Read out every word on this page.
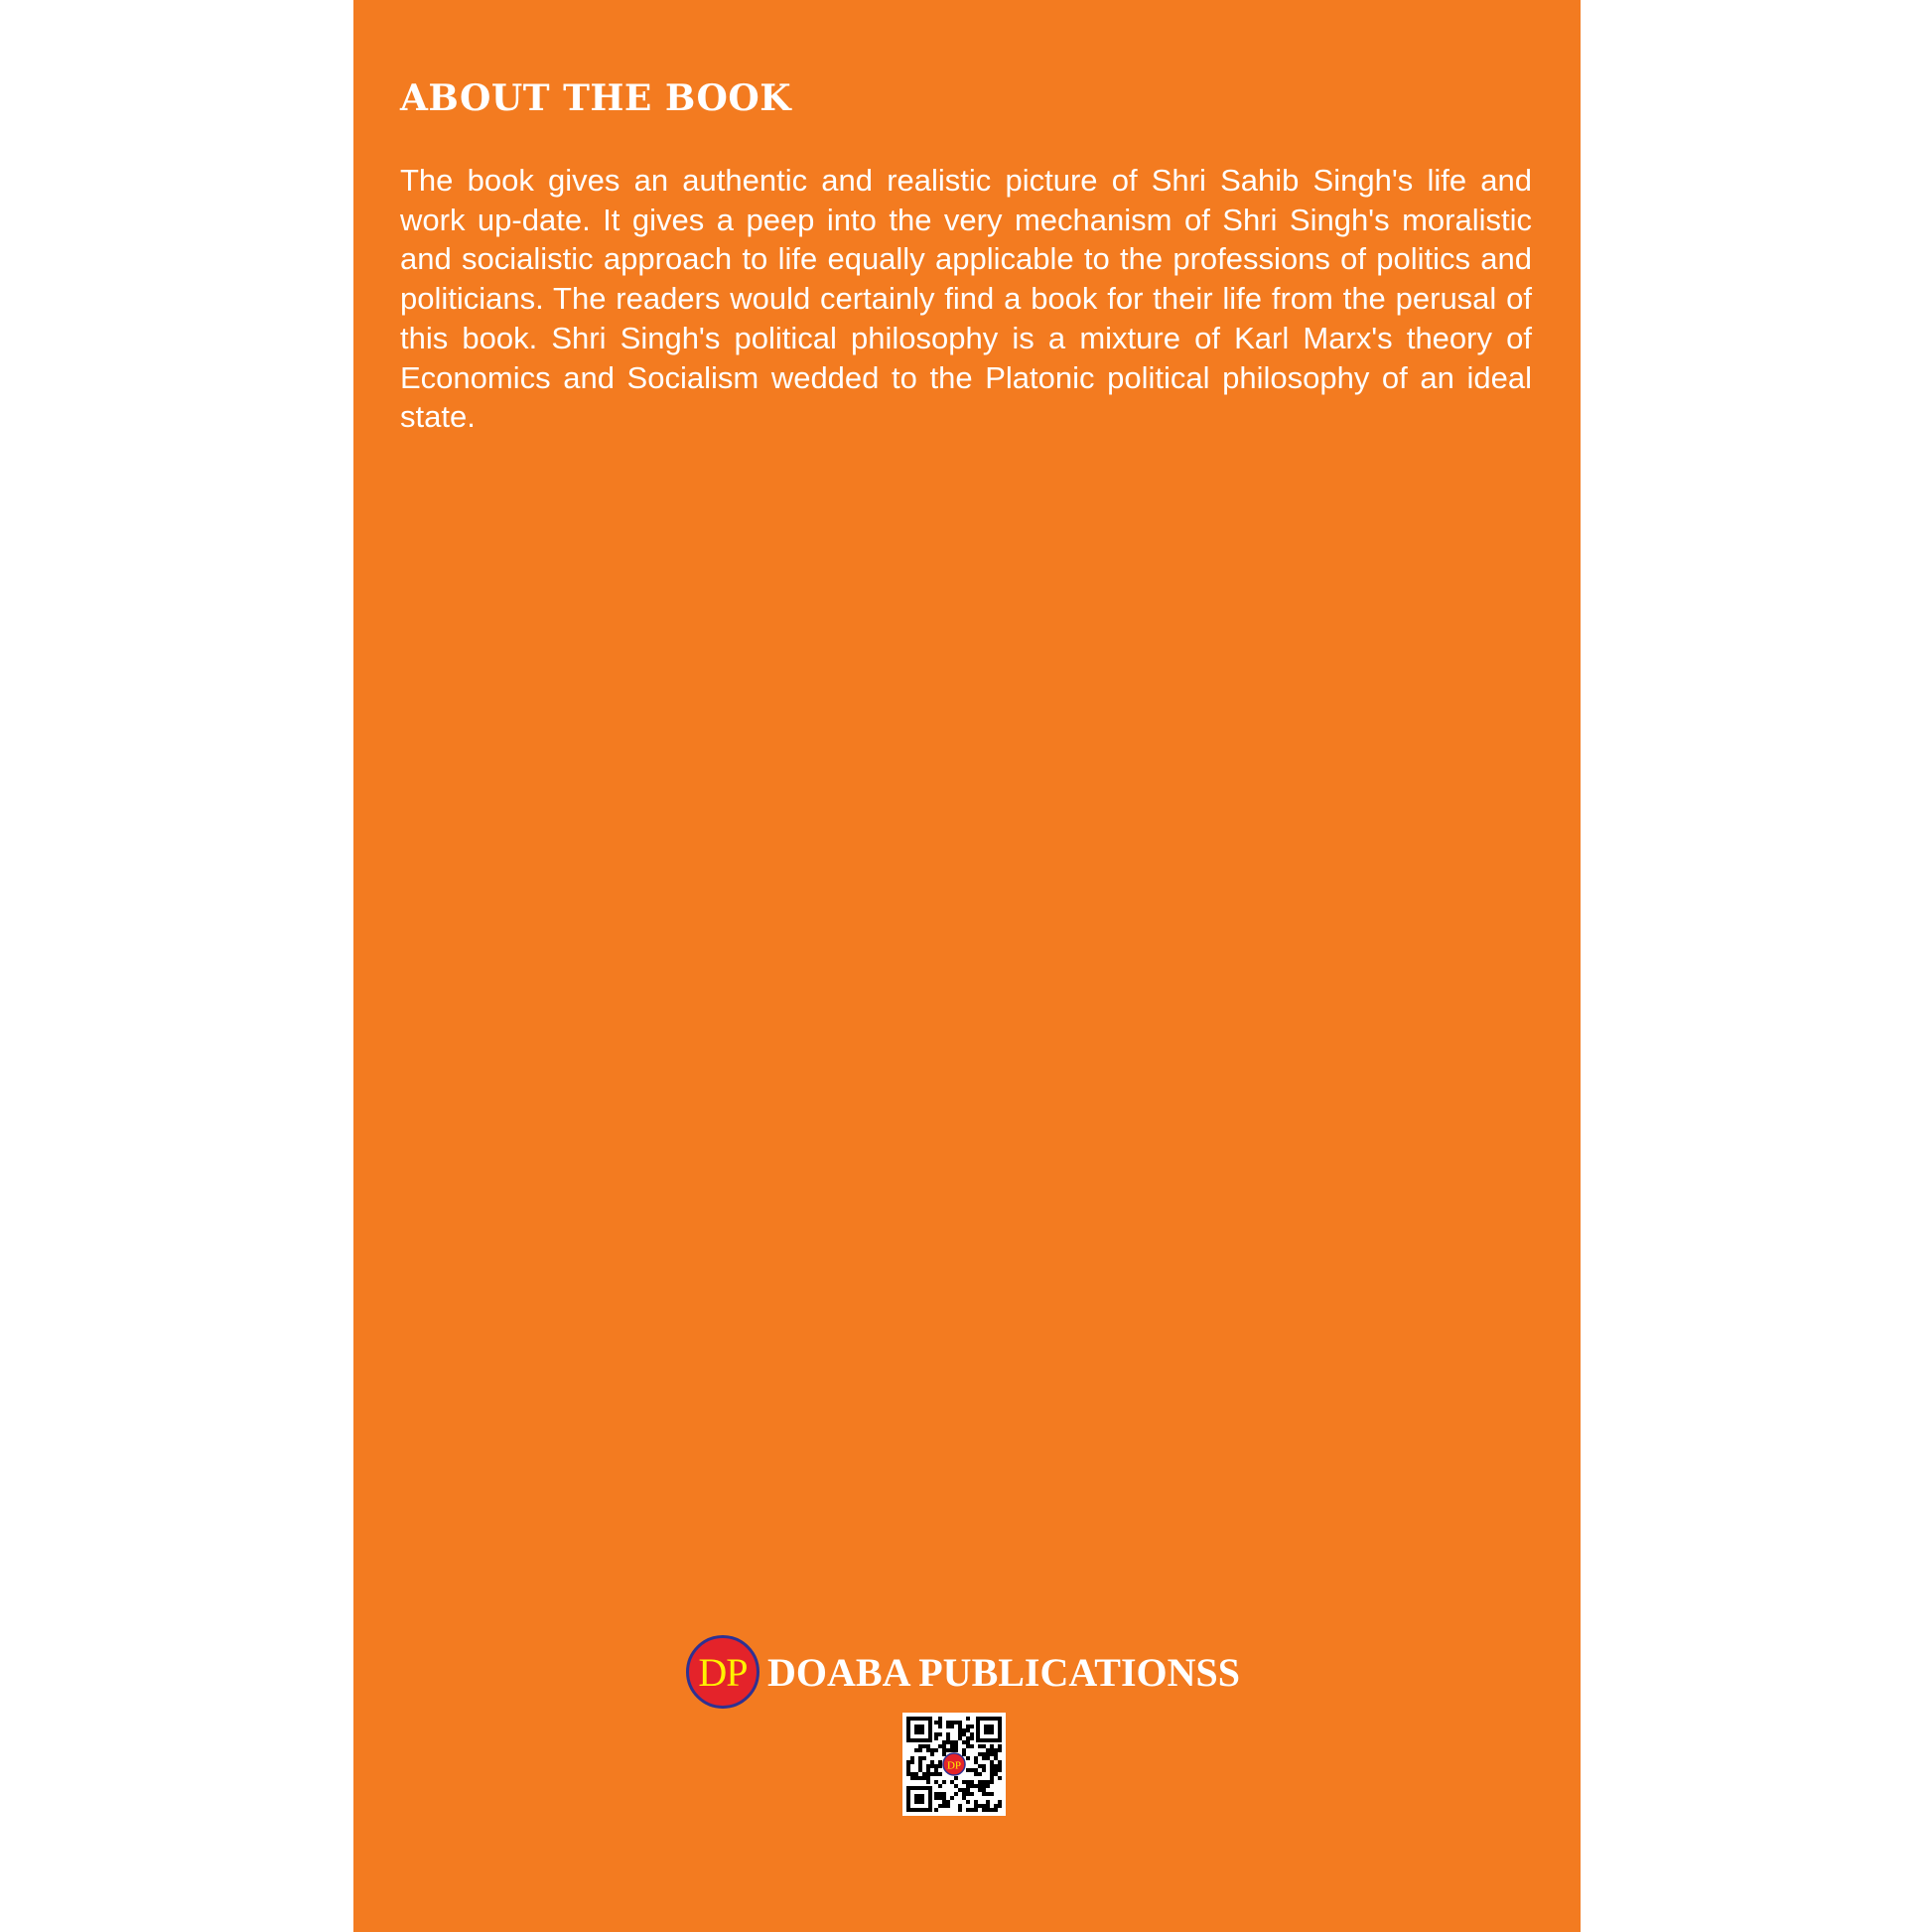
ABOUT THE BOOK

The book gives an authentic and realistic picture of Shri Sahib Singh's life and work up-date. It gives a peep into the very mechanism of Shri Singh's moralistic and socialistic approach to life equally applicable to the professions of politics and politicians. The readers would certainly find a book for their life from the perusal of this book. Shri Singh's political philosophy is a mixture of Karl Marx's theory of Economics and Socialism wedded to the Platonic political philosophy of an ideal state.

DP DOABA PUBLICATIONSS
DP
